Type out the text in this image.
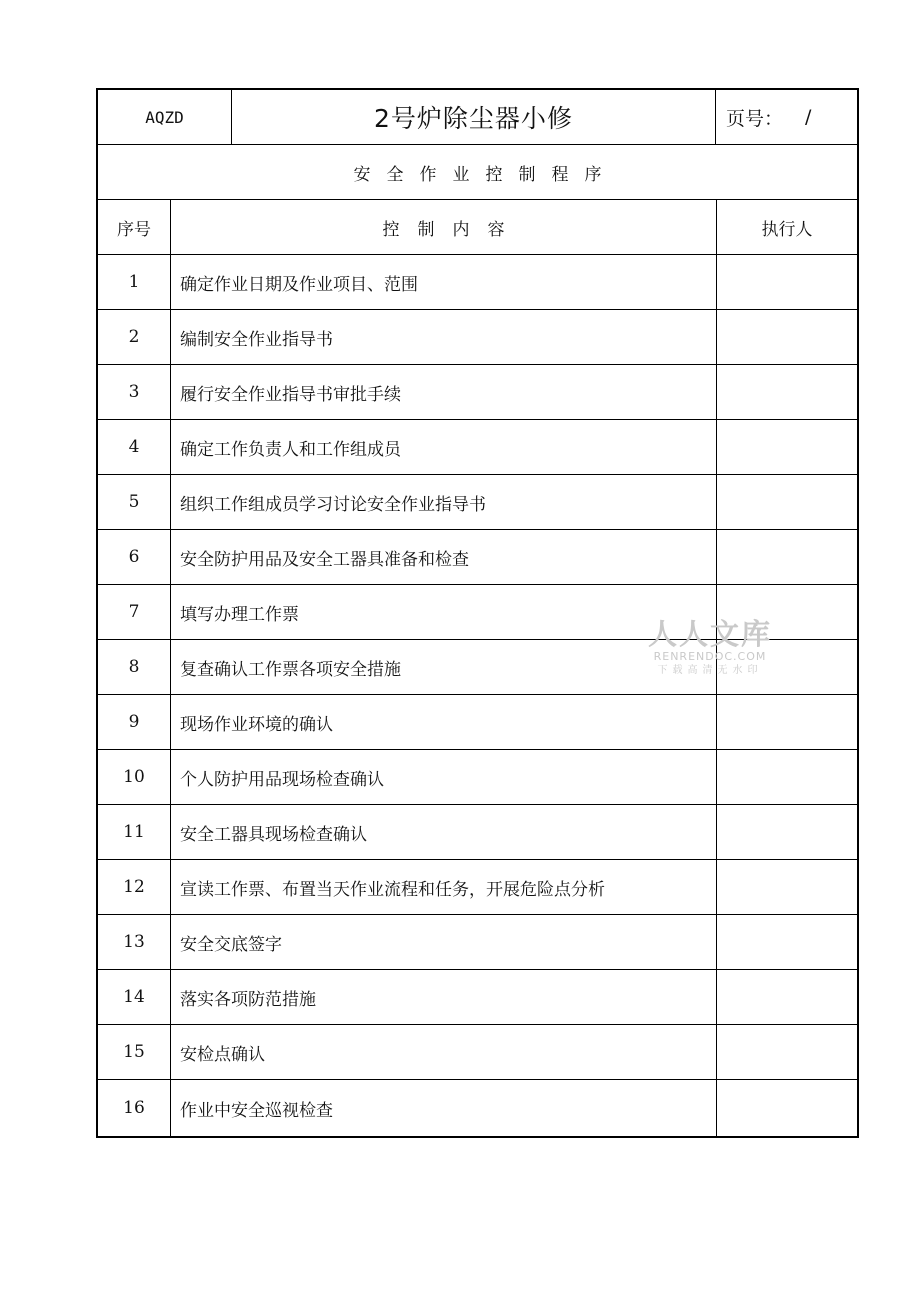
AQZD	2号炉除尘器小修	页号： /
安全作业控制程序
序号	控制内容	执行人
1	确定作业日期及作业项目、范围
2	编制安全作业指导书
3	履行安全作业指导书审批手续
4	确定工作负责人和工作组成员
5	组织工作组成员学习讨论安全作业指导书
6	安全防护用品及安全工器具准备和检查
7	填写办理工作票
8	复查确认工作票各项安全措施
9	现场作业环境的确认
10	个人防护用品现场检查确认
11	安全工器具现场检查确认
12	宣读工作票、布置当天作业流程和任务，开展危险点分析
13	安全交底签字
14	落实各项防范措施
15	安检点确认
16	作业中安全巡视检查
人人文库
RENRENDOC.COM
下载高清无水印
